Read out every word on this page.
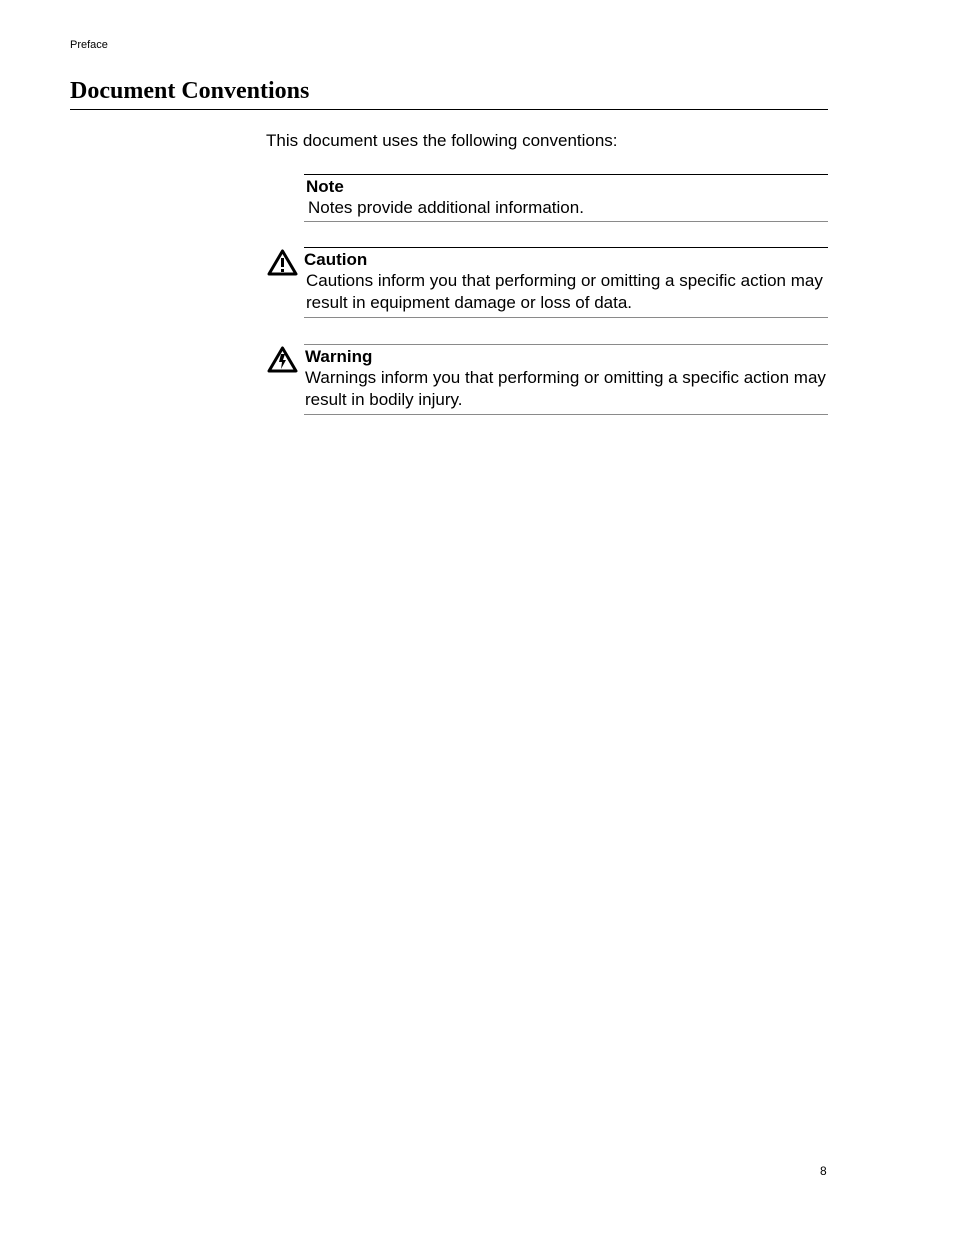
Preface
Document Conventions
This document uses the following conventions:
Note
Notes provide additional information.
Caution
Cautions inform you that performing or omitting a specific action may result in equipment damage or loss of data.
Warning
Warnings inform you that performing or omitting a specific action may result in bodily injury.
8
